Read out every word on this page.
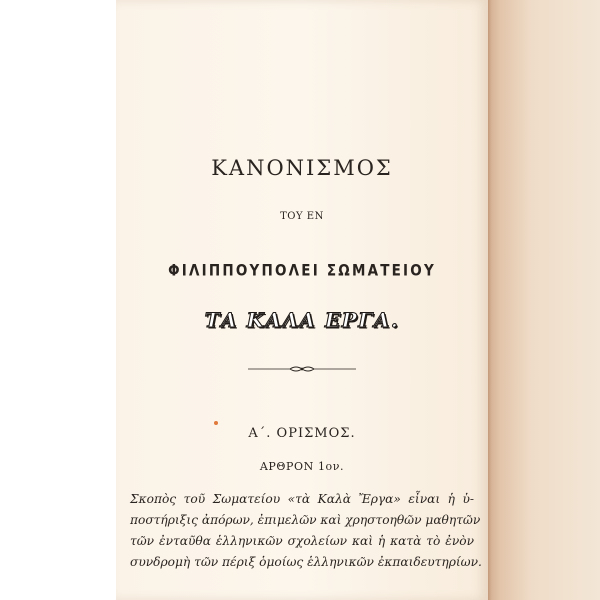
ΚΑΝΟΝΙΣΜΟΣ
ΤΟΥ ΕΝ
ΦΙΛΙΠΠΟΥΠΟΛΕΙ ΣΩΜΑΤΕΙΟΥ
ΤΑ ΚΑΛΑ ΕΡΓΑ.
Α΄. ΟΡΙΣΜΟΣ.
ΑΡΘΡΟΝ 1ον.
Σκοπὸς τοῦ Σωματείου «τὰ Καλὰ Ἔργα» εἶναι ἡ ὑ-
ποστήριξις ἀπόρων, ἐπιμελῶν καὶ χρηστοηθῶν μαθητῶν
τῶν ἐνταῦθα ἑλληνικῶν σχολείων καὶ ἡ κατὰ τὸ ἐνὸν
συνδρομὴ τῶν πέριξ ὁμοίως ἑλληνικῶν ἐκπαιδευτηρίων.
